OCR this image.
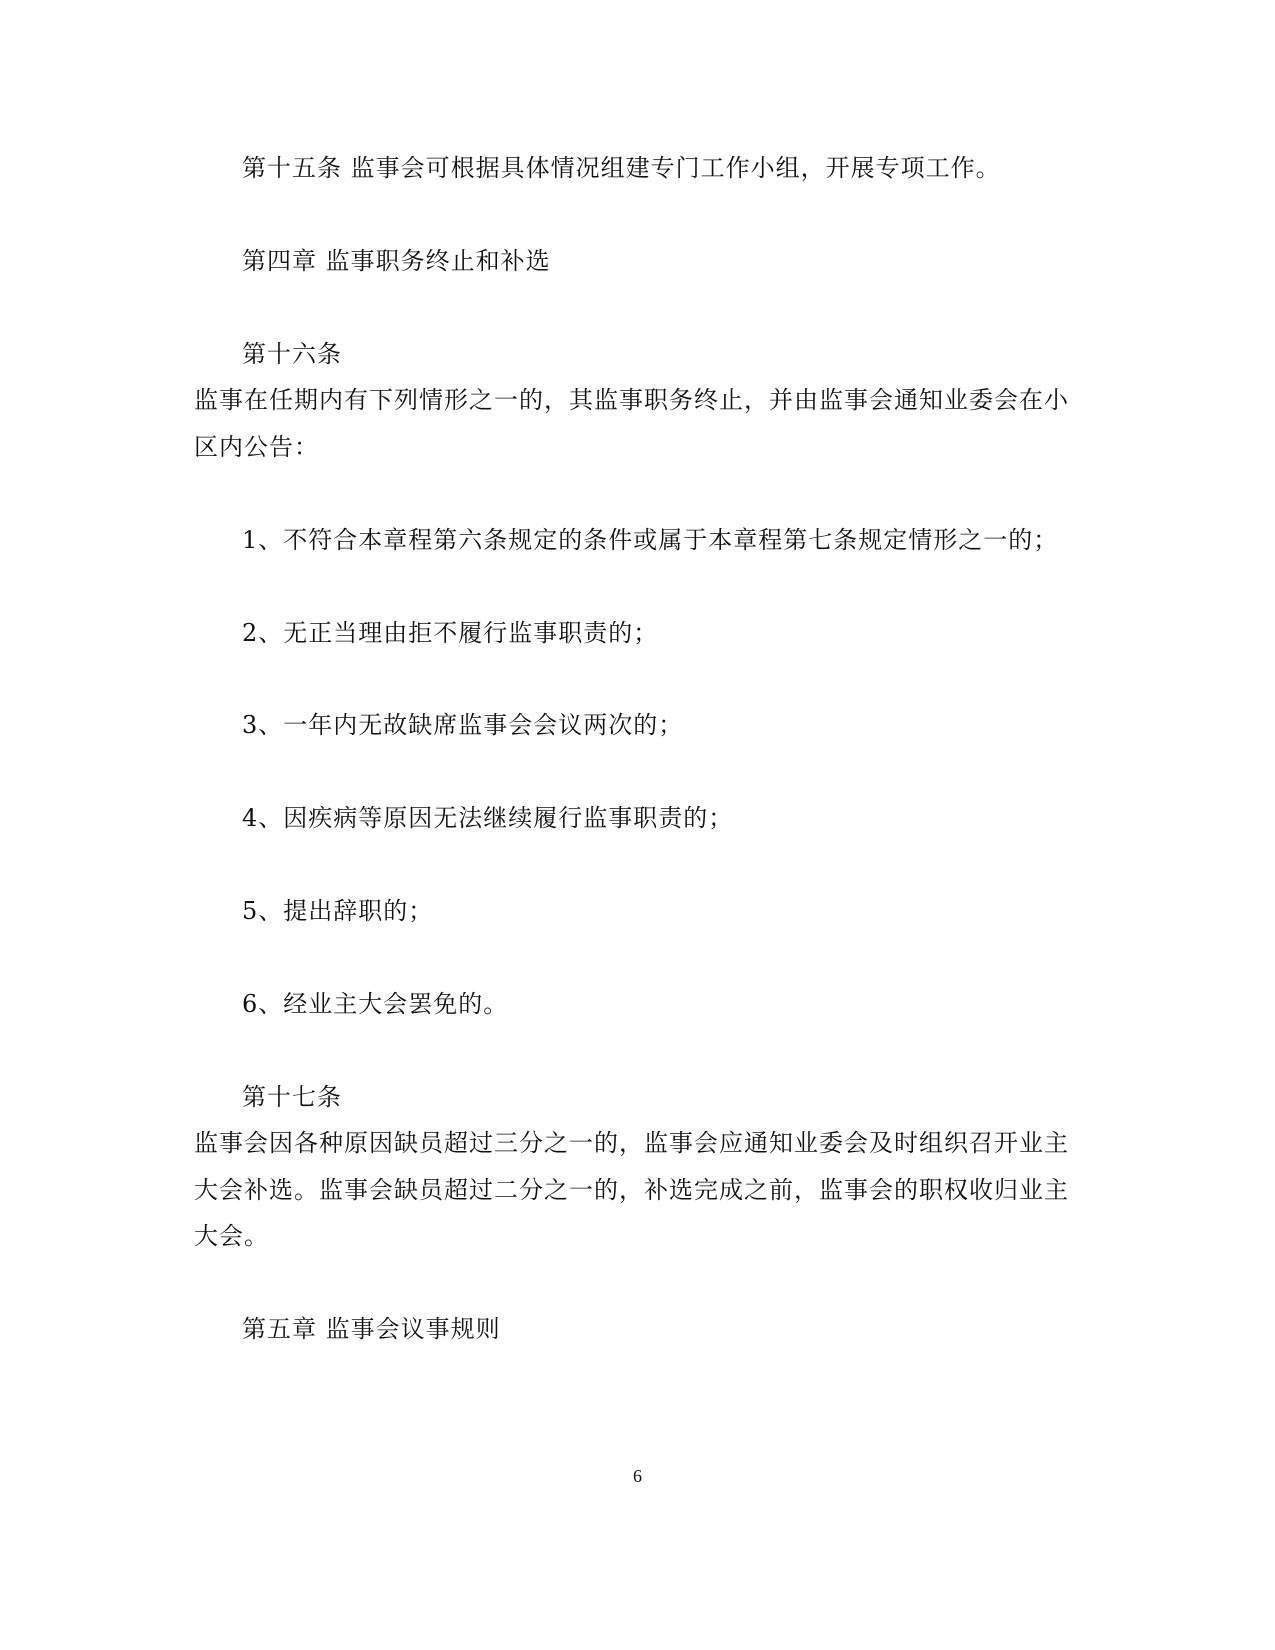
第十五条 监事会可根据具体情况组建专门工作小组，开展专项工作。
第四章 监事职务终止和补选
第十六条
监事在任期内有下列情形之一的，其监事职务终止，并由监事会通知业委会在小
区内公告：
1、不符合本章程第六条规定的条件或属于本章程第七条规定情形之一的；
2、无正当理由拒不履行监事职责的；
3、一年内无故缺席监事会会议两次的；
4、因疾病等原因无法继续履行监事职责的；
5、提出辞职的；
6、经业主大会罢免的。
第十七条
监事会因各种原因缺员超过三分之一的，监事会应通知业委会及时组织召开业主
大会补选。监事会缺员超过二分之一的，补选完成之前，监事会的职权收归业主
大会。
第五章 监事会议事规则
6
